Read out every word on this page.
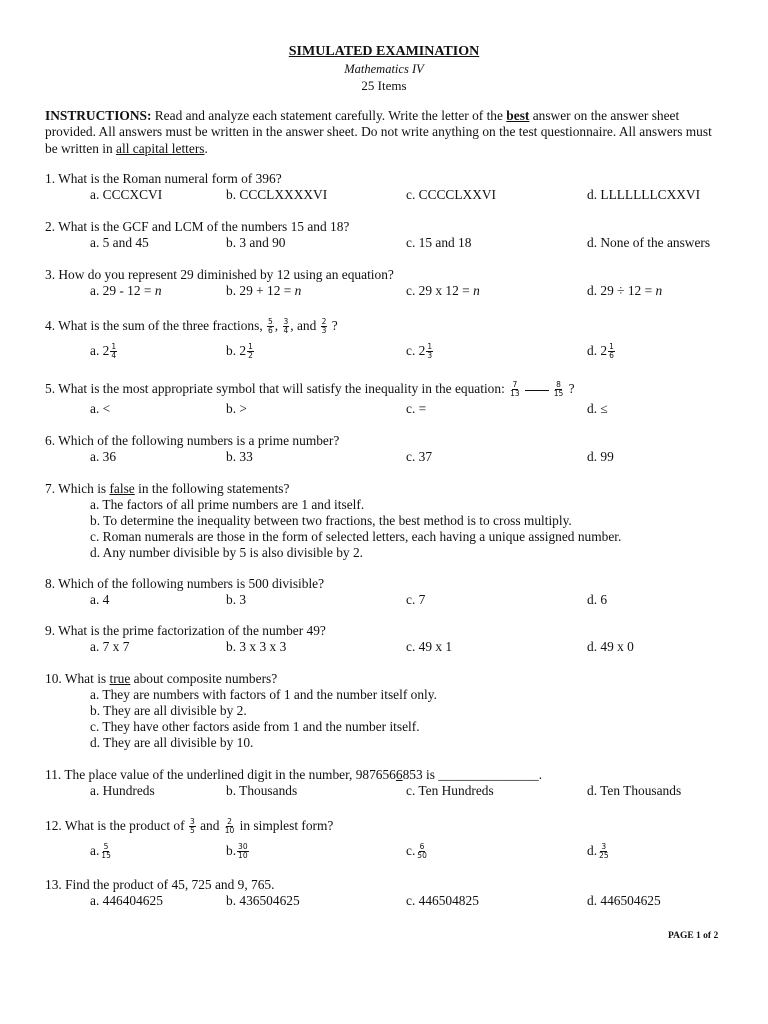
SIMULATED EXAMINATION
Mathematics IV
25 Items
INSTRUCTIONS: Read and analyze each statement carefully. Write the letter of the best answer on the answer sheet provided. All answers must be written in the answer sheet. Do not write anything on the test questionnaire. All answers must be written in all capital letters.
1. What is the Roman numeral form of 396?
a. CCCXCVI	b. CCCLXXXXVI	c. CCCCLXXVI	d. LLLLLLLCXXVI
2. What is the GCF and LCM of the numbers 15 and 18?
a. 5 and 45	b. 3 and 90	c. 15 and 18	d. None of the answers
3. How do you represent 29 diminished by 12 using an equation?
a. 29 - 12 = n	b. 29 + 12 = n	c. 29 x 12 = n	d. 29 ÷ 12 = n
4. What is the sum of the three fractions, $\frac{5}{6}$ , $\frac{3}{4}$ , and $\frac{2}{3}$ ?
a. $2 \frac{1}{4}$	b. $2 \frac{1}{2}$	c. $2 \frac{1}{3}$	d. $2 \frac{1}{6}$
5. What is the most appropriate symbol that will satisfy the inequality in the equation: $\frac{7}{13}$	$\frac{8}{15}$ ?
a. <	b. >	c. =	d. ≤
6. Which of the following numbers is a prime number?
a. 36	b. 33	c. 37	d. 99
7. Which is false in the following statements?
a. The factors of all prime numbers are 1 and itself.
b. To determine the inequality between two fractions, the best method is to cross multiply.
c. Roman numerals are those in the form of selected letters, each having a unique assigned number.
d. Any number divisible by 5 is also divisible by 2.
8. Which of the following numbers is 500 divisible?
a. 4	b. 3	c. 7	d. 6
9. What is the prime factorization of the number 49?
a. 7 x 7	b. 3 x 3 x 3	c. 49 x 1	d. 49 x 0
10. What is true about composite numbers?
a. They are numbers with factors of 1 and the number itself only.
b. They are all divisible by 2.
c. They have other factors aside from 1 and the number itself.
d. They are all divisible by 10.
11. The place value of the underlined digit in the number, 9876566853 is _______________.
a. Hundreds	b. Thousands	c. Ten Hundreds	d. Ten Thousands
12. What is the product of $\frac{3}{5}$ and $\frac{2}{10}$ in simplest form?
a. $\frac{5}{15}$	b. $\frac{30}{10}$	c. $\frac{6}{50}$	d. $\frac{3}{25}$
13. Find the product of 45, 725 and 9, 765.
a. 446404625	b. 436504625	c. 446504825	d. 446504625
PAGE 1 of 2
